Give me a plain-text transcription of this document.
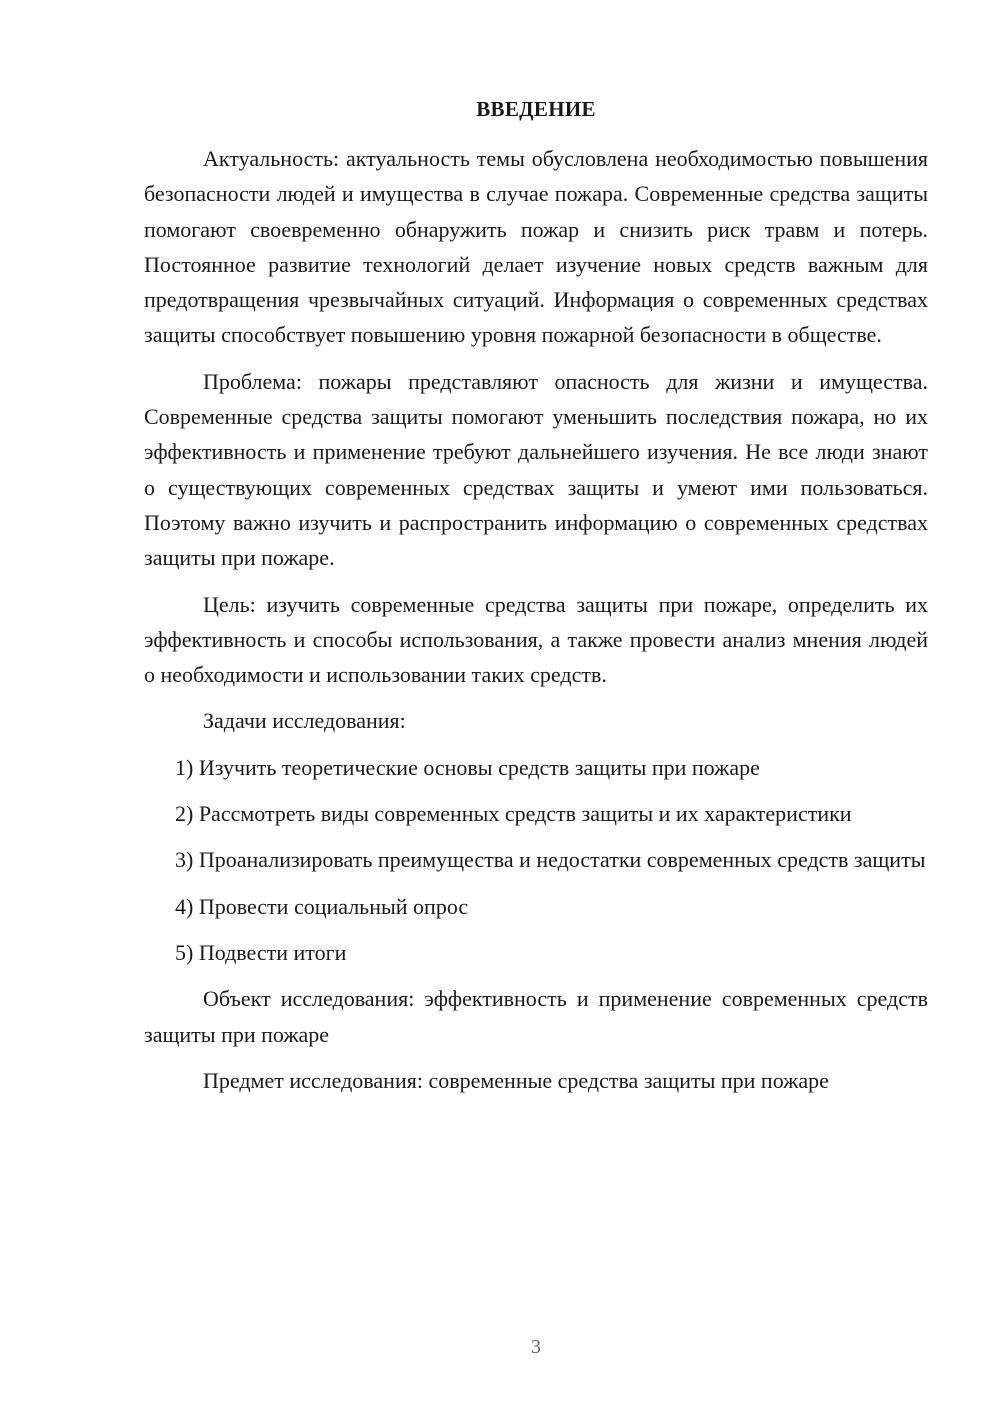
ВВЕДЕНИЕ

Актуальность: актуальность темы обусловлена необходимостью повышения безопасности людей и имущества в случае пожара. Современные средства защиты помогают своевременно обнаружить пожар и снизить риск травм и потерь. Постоянное развитие технологий делает изучение новых средств важным для предотвращения чрезвычайных ситуаций. Информация о современных средствах защиты способствует повышению уровня пожарной безопасности в обществе.

Проблема: пожары представляют опасность для жизни и имущества. Современные средства защиты помогают уменьшить последствия пожара, но их эффективность и применение требуют дальнейшего изучения. Не все люди знают о существующих современных средствах защиты и умеют ими пользоваться. Поэтому важно изучить и распространить информацию о современных средствах защиты при пожаре.

Цель: изучить современные средства защиты при пожаре, определить их эффективность и способы использования, а также провести анализ мнения людей о необходимости и использовании таких средств.

Задачи исследования:

1) Изучить теоретические основы средств защиты при пожаре

2) Рассмотреть виды современных средств защиты и их характеристики

3) Проанализировать преимущества и недостатки современных средств защиты

4) Провести социальный опрос

5) Подвести итоги

Объект исследования: эффективность и применение современных средств защиты при пожаре

Предмет исследования: современные средства защиты при пожаре

3
